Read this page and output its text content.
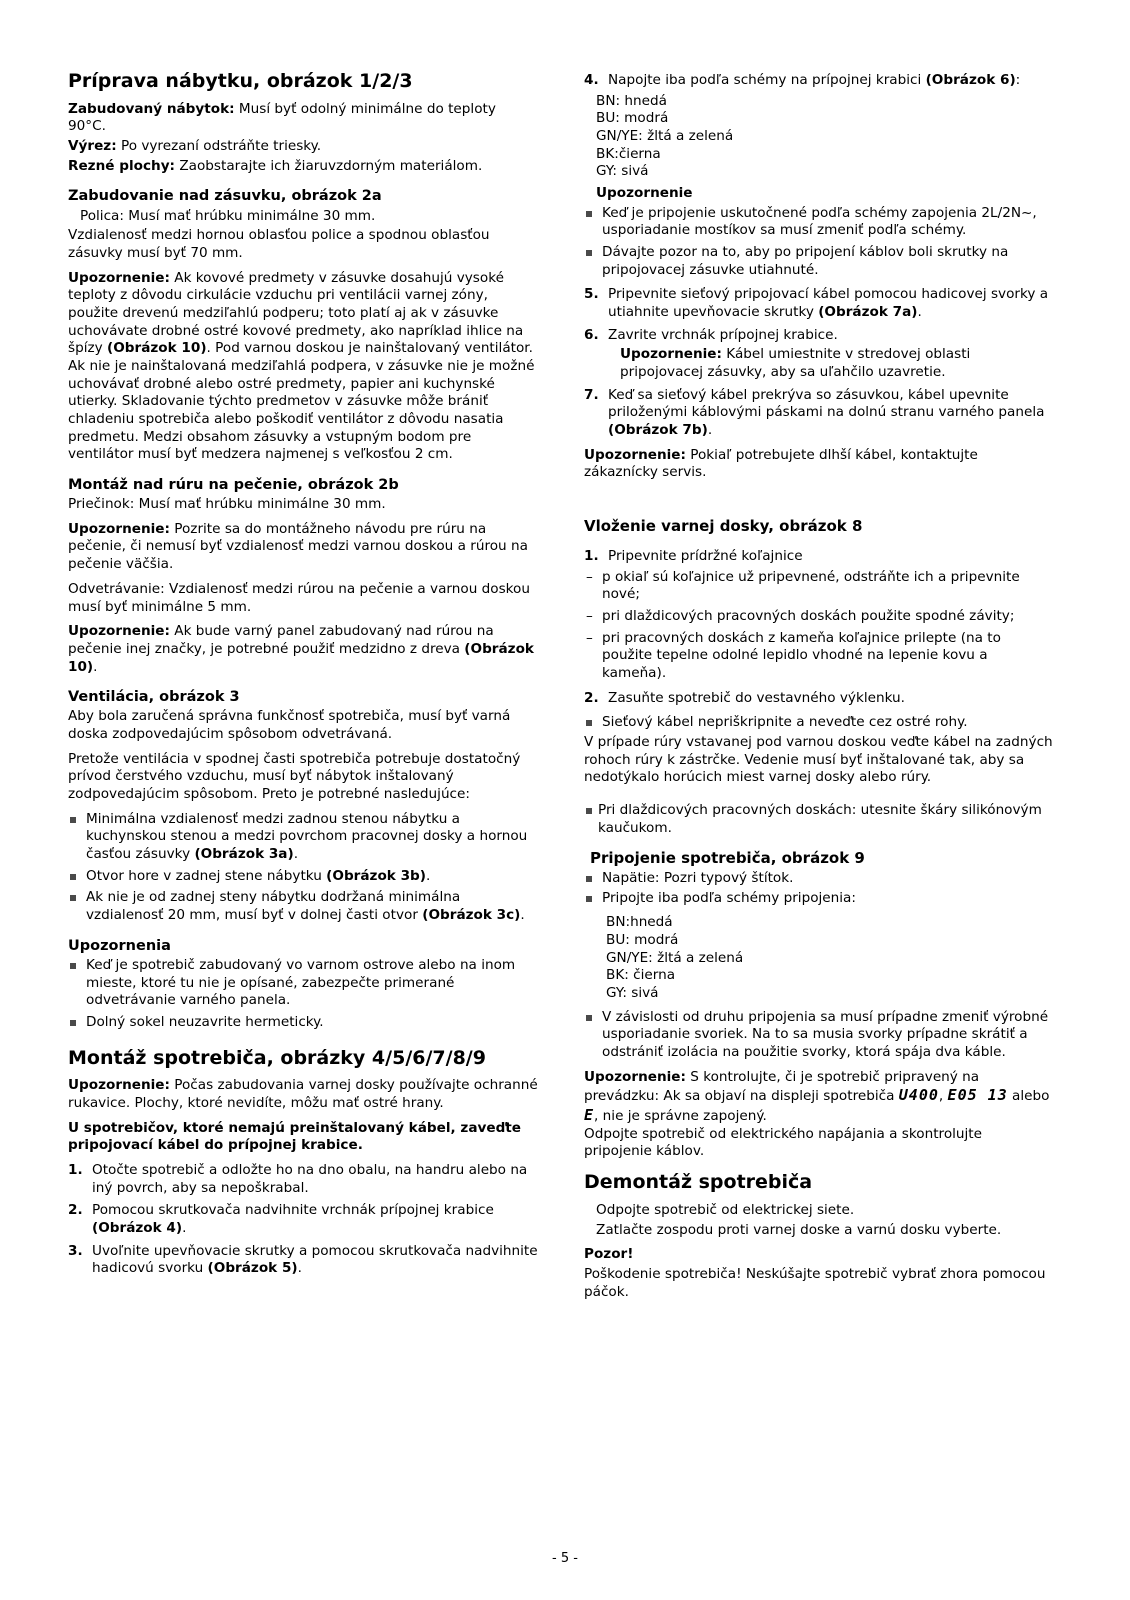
Príprava nábytku, obrázok 1/2/3

Zabudovaný nábytok: Musí byť odolný minimálne do teploty 90°C.

Výrez: Po vyrezaní odstráňte triesky.

Rezné plochy: Zaobstarajte ich žiaruvzdorným materiálom.

Zabudovanie nad zásuvku, obrázok 2a

Polica: Musí mať hrúbku minimálne 30 mm.

Vzdialenosť medzi hornou oblasťou police a spodnou oblasťou zásuvky musí byť 70 mm.

Upozornenie: Ak kovové predmety v zásuvke dosahujú vysoké teploty z dôvodu cirkulácie vzduchu pri ventilácii varnej zóny, použite drevenú medziľahlú podperu; toto platí aj ak v zásuvke uchovávate drobné ostré kovové predmety, ako napríklad ihlice na špízy (Obrázok 10). Pod varnou doskou je nainštalovaný ventilátor. Ak nie je nainštalovaná medziľahlá podpera, v zásuvke nie je možné uchovávať drobné alebo ostré predmety, papier ani kuchynské utierky. Skladovanie týchto predmetov v zásuvke môže brániť chladeniu spotrebiča alebo poškodiť ventilátor z dôvodu nasatia predmetu. Medzi obsahom zásuvky a vstupným bodom pre ventilátor musí byť medzera najmenej s veľkosťou 2 cm.

Montáž nad rúru na pečenie, obrázok 2b

Priečinok: Musí mať hrúbku minimálne 30 mm.

Upozornenie: Pozrite sa do montážneho návodu pre rúru na pečenie, či nemusí byť vzdialenosť medzi varnou doskou a rúrou na pečenie väčšia.

Odvetrávanie: Vzdialenosť medzi rúrou na pečenie a varnou doskou musí byť minimálne 5 mm.

Upozornenie: Ak bude varný panel zabudovaný nad rúrou na pečenie inej značky, je potrebné použiť medzidno z dreva (Obrázok 10).

Ventilácia, obrázok 3

Aby bola zaručená správna funkčnosť spotrebiča, musí byť varná doska zodpovedajúcim spôsobom odvetrávaná.

Pretože ventilácia v spodnej časti spotrebiča potrebuje dostatočný prívod čerstvého vzduchu, musí byť nábytok inštalovaný zodpovedajúcim spôsobom. Preto je potrebné nasledujúce:

Minimálna vzdialenosť medzi zadnou stenou nábytku a kuchynskou stenou a medzi povrchom pracovnej dosky a hornou časťou zásuvky (Obrázok 3a).
Otvor hore v zadnej stene nábytku (Obrázok 3b).
Ak nie je od zadnej steny nábytku dodržaná minimálna vzdialenosť 20 mm, musí byť v dolnej časti otvor (Obrázok 3c).
Upozornenia
Keď je spotrebič zabudovaný vo varnom ostrove alebo na inom mieste, ktoré tu nie je opísané, zabezpečte primerané odvetrávanie varného panela.
Dolný sokel neuzavrite hermeticky.
Montáž spotrebiča, obrázky 4/5/6/7/8/9

Upozornenie: Počas zabudovania varnej dosky používajte ochranné rukavice. Plochy, ktoré nevidíte, môžu mať ostré hrany.

U spotrebičov, ktoré nemajú preinštalovaný kábel, zaveďte pripojovací kábel do prípojnej krabice.

1. Otočte spotrebič a odložte ho na dno obalu, na handru alebo na iný povrch, aby sa nepoškrabal.
2. Pomocou skrutkovača nadvihnite vrchnák prípojnej krabice (Obrázok 4).
3. Uvoľnite upevňovacie skrutky a pomocou skrutkovača nadvihnite hadicovú svorku (Obrázok 5).
4. Napojte iba podľa schémy na prípojnej krabici (Obrázok 6):
BN: hnedá
BU: modrá
GN/YE: žltá a zelená
BK:čierna
GY: sivá

Upozornenie

Keď je pripojenie uskutočnené podľa schémy zapojenia 2L/2N~, usporiadanie mostíkov sa musí zmeniť podľa schémy.
Dávajte pozor na to, aby po pripojení káblov boli skrutky na pripojovacej zásuvke utiahnuté.
5. Pripevnite sieťový pripojovací kábel pomocou hadicovej svorky a utiahnite upevňovacie skrutky (Obrázok 7a).
6. Zavrite vrchnák prípojnej krabice.
Upozornenie: Kábel umiestnite v stredovej oblasti pripojovacej zásuvky, aby sa uľahčilo uzavretie.
7. Keď sa sieťový kábel prekrýva so zásuvkou, kábel upevnite priloženými káblovými páskami na dolnú stranu varného panela (Obrázok 7b).

Upozornenie: Pokiaľ potrebujete dlhší kábel, kontaktujte zákaznícky servis.

Vloženie varnej dosky, obrázok 8
1. Pripevnite prídržné koľajnice
– p okiaľ sú koľajnice už pripevnené, odstráňte ich a pripevnite nové;
– pri dlaždicových pracovných doskách použite spodné závity;
– pri pracovných doskách z kameňa koľajnice prilepte (na to použite tepelne odolné lepidlo vhodné na lepenie kovu a kameňa).
2. Zasuňte spotrebič do vestavného výklenku.
Sieťový kábel nepriškripnite a neveďte cez ostré rohy.

V prípade rúry vstavanej pod varnou doskou veďte kábel na zadných rohoch rúry k zástrčke. Vedenie musí byť inštalované tak, aby sa nedotýkalo horúcich miest varnej dosky alebo rúry.

Pri dlaždicových pracovných doskách: utesnite škáry silikónovým kaučukom.
Pripojenie spotrebiča, obrázok 9
Napätie: Pozri typový štítok.
Pripojte iba podľa schémy pripojenia:
BN:hnedá
BU: modrá
GN/YE: žltá a zelená
BK: čierna
GY: sivá
V závislosti od druhu pripojenia sa musí prípadne zmeniť výrobné usporiadanie svoriek. Na to sa musia svorky prípadne skrátiť a odstrániť izolácia na použitie svorky, ktorá spája dva káble.

Upozornenie: S kontrolujte, či je spotrebič pripravený na prevádzku: Ak sa objaví na displeji spotrebiča U400, E05 13 alebo E, nie je správne zapojený.

Odpojte spotrebič od elektrického napájania a skontrolujte pripojenie káblov.

Demontáž spotrebiča

Odpojte spotrebič od elektrickej siete.

Zatlačte zospodu proti varnej doske a varnú dosku vyberte.

Pozor!

Poškodenie spotrebiča! Neskúšajte spotrebič vybrať zhora pomocou páčok.

- 5 -
